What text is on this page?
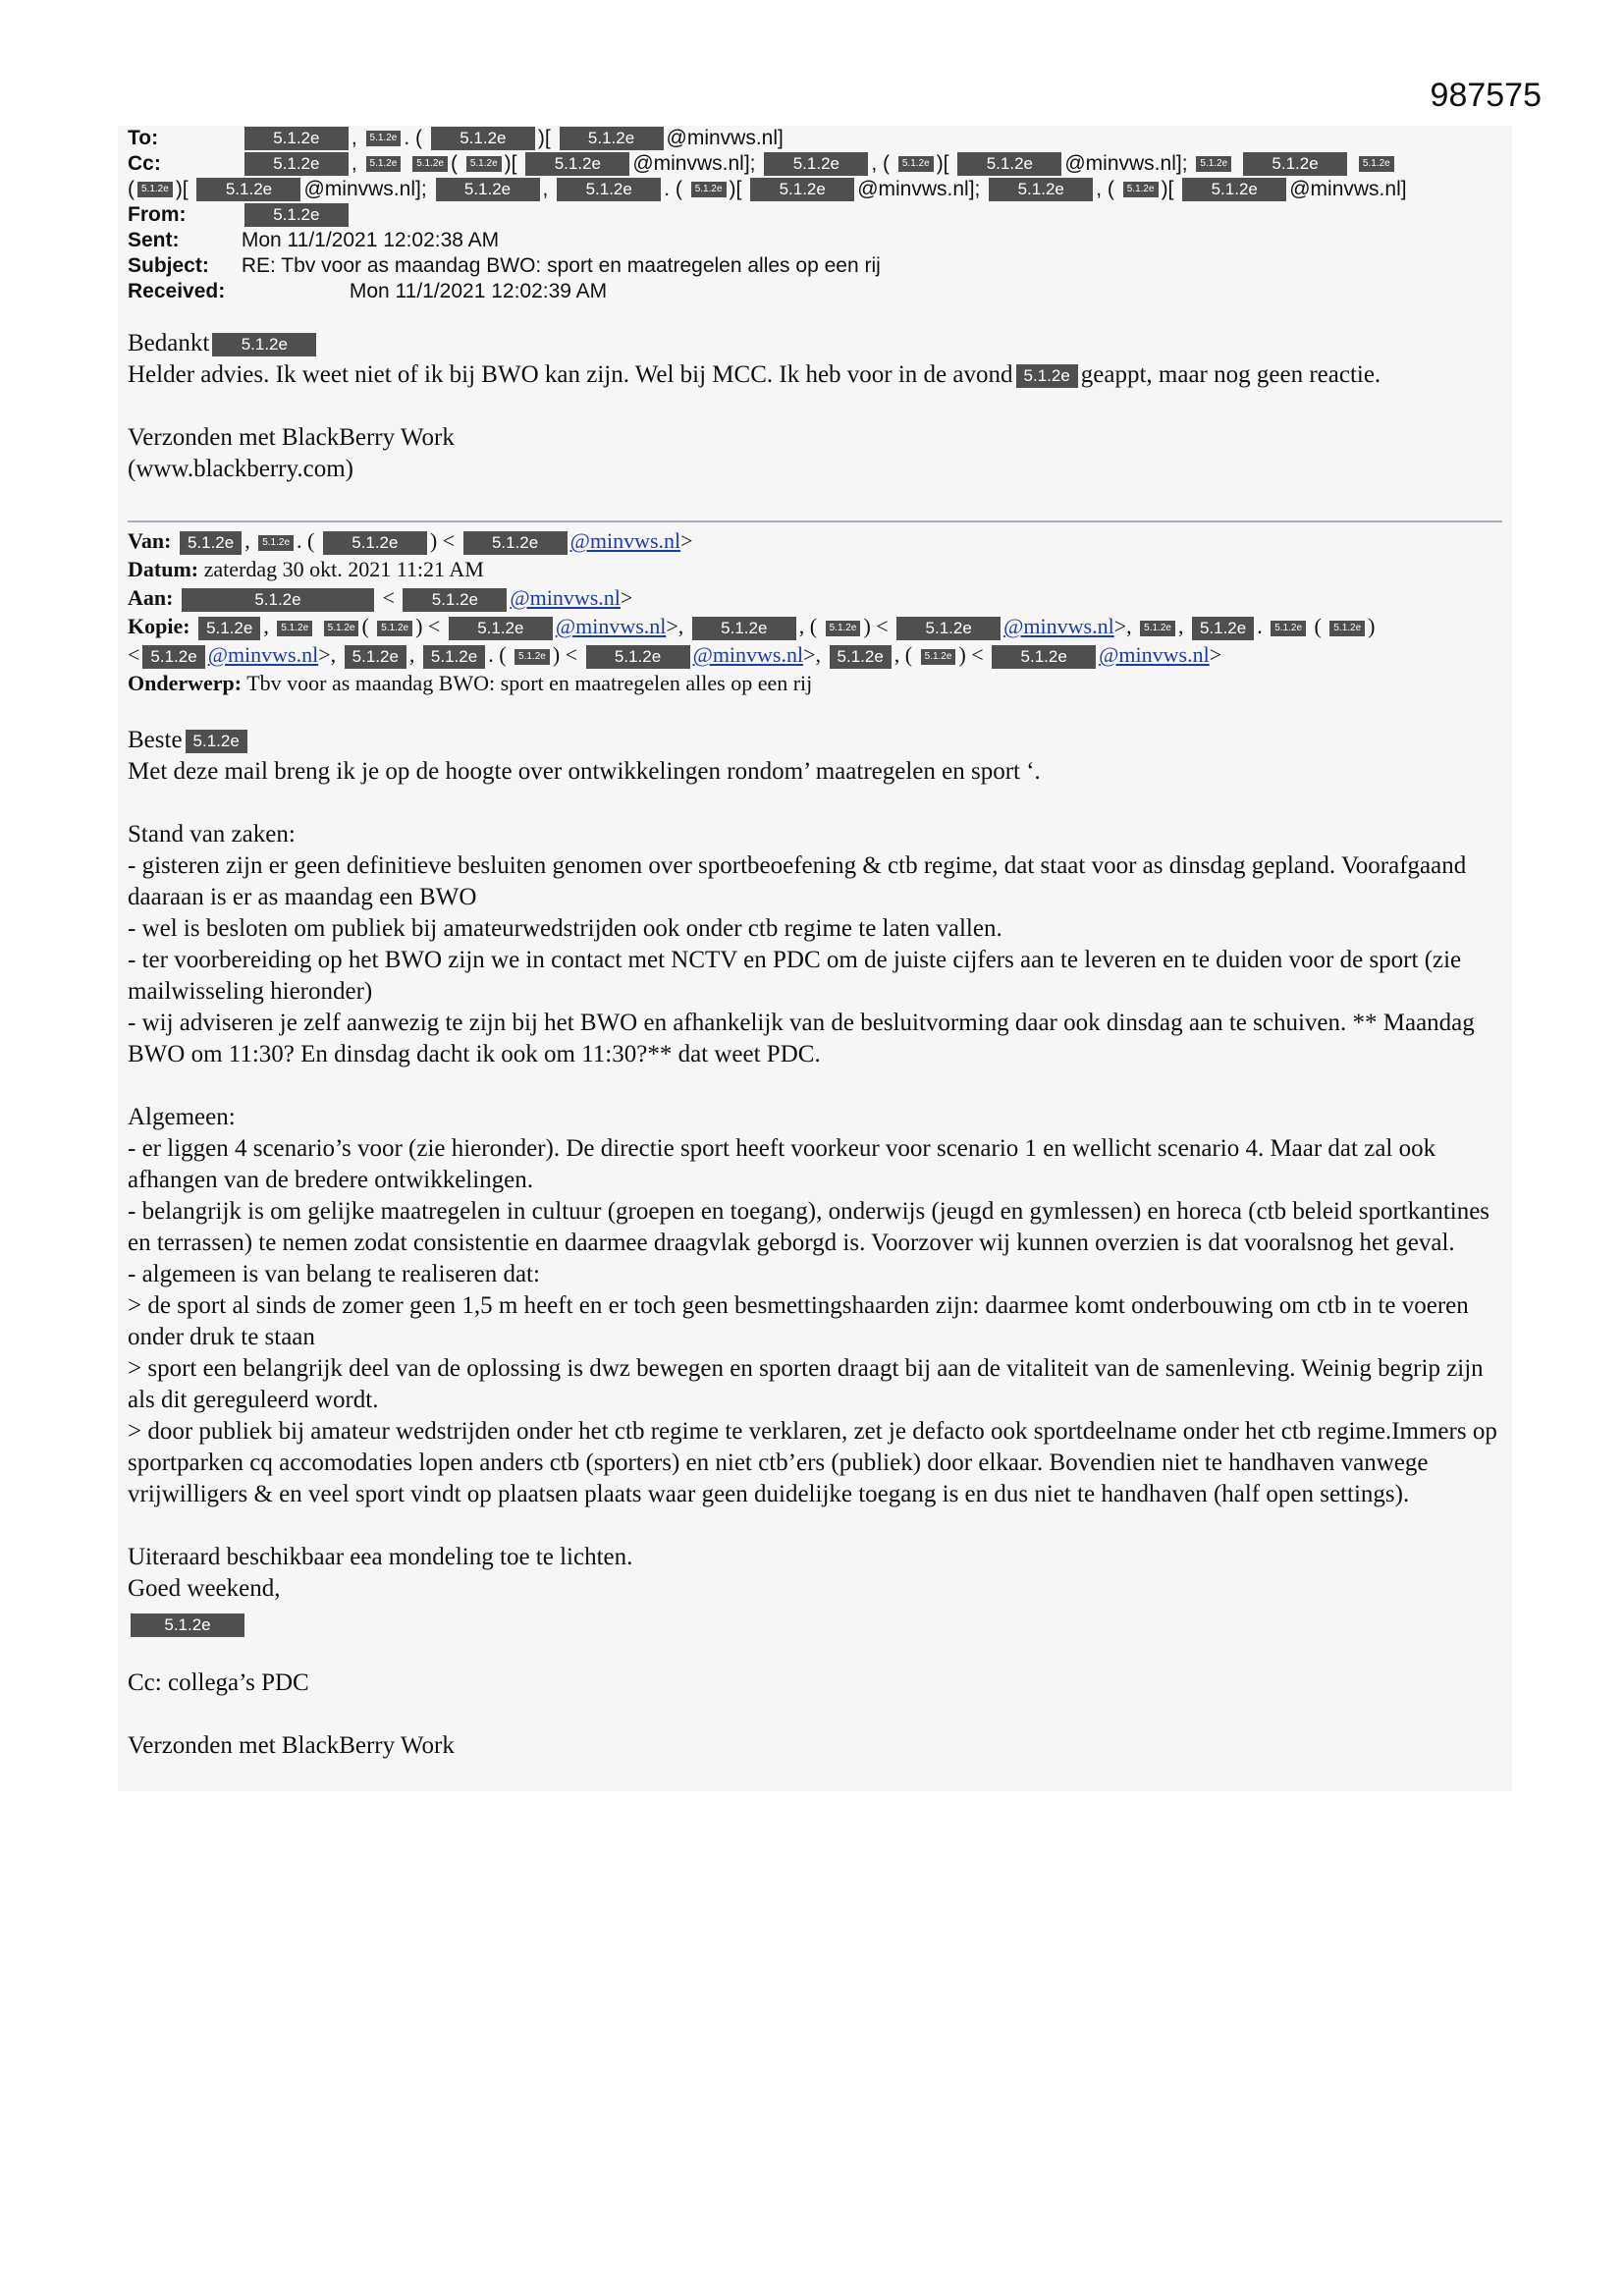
987575
To:	5.1.2e , 5.1.2e . ( 5.1.2e )[ 5.1.2e @minvws.nl]
Cc:	5.1.2e , 5.1.2e 5.1.2e ( 5.1.2e )[ 5.1.2e @minvws.nl]; 5.1.2e , ( 5.1.2e )[ 5.1.2e @minvws.nl]; 5.1.2e	5.1.2e	5.1.2e
( 5.1.2e )[ 5.1.2e @minvws.nl]; 5.1.2e , 5.1.2e . ( 5.1.2e )[ 5.1.2e @minvws.nl]; 5.1.2e , ( 5.1.2e )[ 5.1.2e @minvws.nl]
From:	5.1.2e
Sent:	Mon 11/1/2021 12:02:38 AM
Subject: RE: Tbv voor as maandag BWO: sport en maatregelen alles op een rij
Received:	Mon 11/1/2021 12:02:39 AM

Bedankt 5.1.2e

Helder advies. Ik weet niet of ik bij BWO kan zijn. Wel bij MCC. Ik heb voor in de avond 5.1.2e geappt, maar nog geen reactie.

Verzonden met BlackBerry Work

(www.blackberry.com)

Van: 5.1.2e , 5.1.2e . ( 5.1.2e ) < 5.1.2e @minvws.nl>
Datum: zaterdag 30 okt. 2021 11:21 AM
Aan:	5.1.2e	< 5.1.2e @minvws.nl>
Kopie: 5.1.2e , 5.1.2e 5.1.2e ( 5.1.2e ) < 5.1.2e @minvws.nl>, 5.1.2e , ( 5.1.2e ) < 5.1.2e @minvws.nl>, 5.1.2e , 5.1.2e . 5.1.2e ( 5.1.2e )
< 5.1.2e @minvws.nl>, 5.1.2e , 5.1.2e . ( 5.1.2e ) < 5.1.2e @minvws.nl>, 5.1.2e , ( 5.1.2e ) < 5.1.2e @minvws.nl>
Onderwerp: Tbv voor as maandag BWO: sport en maatregelen alles op een rij

Beste 5.1.2e

Met deze mail breng ik je op de hoogte over ontwikkelingen rondom’ maatregelen en sport ‘.

Stand van zaken:

- gisteren zijn er geen definitieve besluiten genomen over sportbeoefening & ctb regime, dat staat voor as dinsdag gepland. Voorafgaand daaraan is er as maandag een BWO

- wel is besloten om publiek bij amateurwedstrijden ook onder ctb regime te laten vallen.

- ter voorbereiding op het BWO zijn we in contact met NCTV en PDC om de juiste cijfers aan te leveren en te duiden voor de sport (zie mailwisseling hieronder)

- wij adviseren je zelf aanwezig te zijn bij het BWO en afhankelijk van de besluitvorming daar ook dinsdag aan te schuiven. ** Maandag BWO om 11:30? En dinsdag dacht ik ook om 11:30?** dat weet PDC.

Algemeen:

- er liggen 4 scenario’s voor (zie hieronder). De directie sport heeft voorkeur voor scenario 1 en wellicht scenario 4. Maar dat zal ook afhangen van de bredere ontwikkelingen.

- belangrijk is om gelijke maatregelen in cultuur (groepen en toegang), onderwijs (jeugd en gymlessen) en horeca (ctb beleid sportkantines en terrassen) te nemen zodat consistentie en daarmee draagvlak geborgd is. Voorzover wij kunnen overzien is dat vooralsnog het geval.

- algemeen is van belang te realiseren dat:

> de sport al sinds de zomer geen 1,5 m heeft en er toch geen besmettingshaarden zijn: daarmee komt onderbouwing om ctb in te voeren onder druk te staan

> sport een belangrijk deel van de oplossing is dwz bewegen en sporten draagt bij aan de vitaliteit van de samenleving. Weinig begrip zijn als dit gereguleerd wordt.

> door publiek bij amateur wedstrijden onder het ctb regime te verklaren, zet je defacto ook sportdeelname onder het ctb regime.Immers op sportparken cq accomodaties lopen anders ctb (sporters) en niet ctb’ers (publiek) door elkaar. Bovendien niet te handhaven vanwege vrijwilligers & en veel sport vindt op plaatsen plaats waar geen duidelijke toegang is en dus niet te handhaven (half open settings).

Uiteraard beschikbaar eea mondeling toe te lichten.

Goed weekend,

5.1.2e

Cc: collega’s PDC

Verzonden met BlackBerry Work
